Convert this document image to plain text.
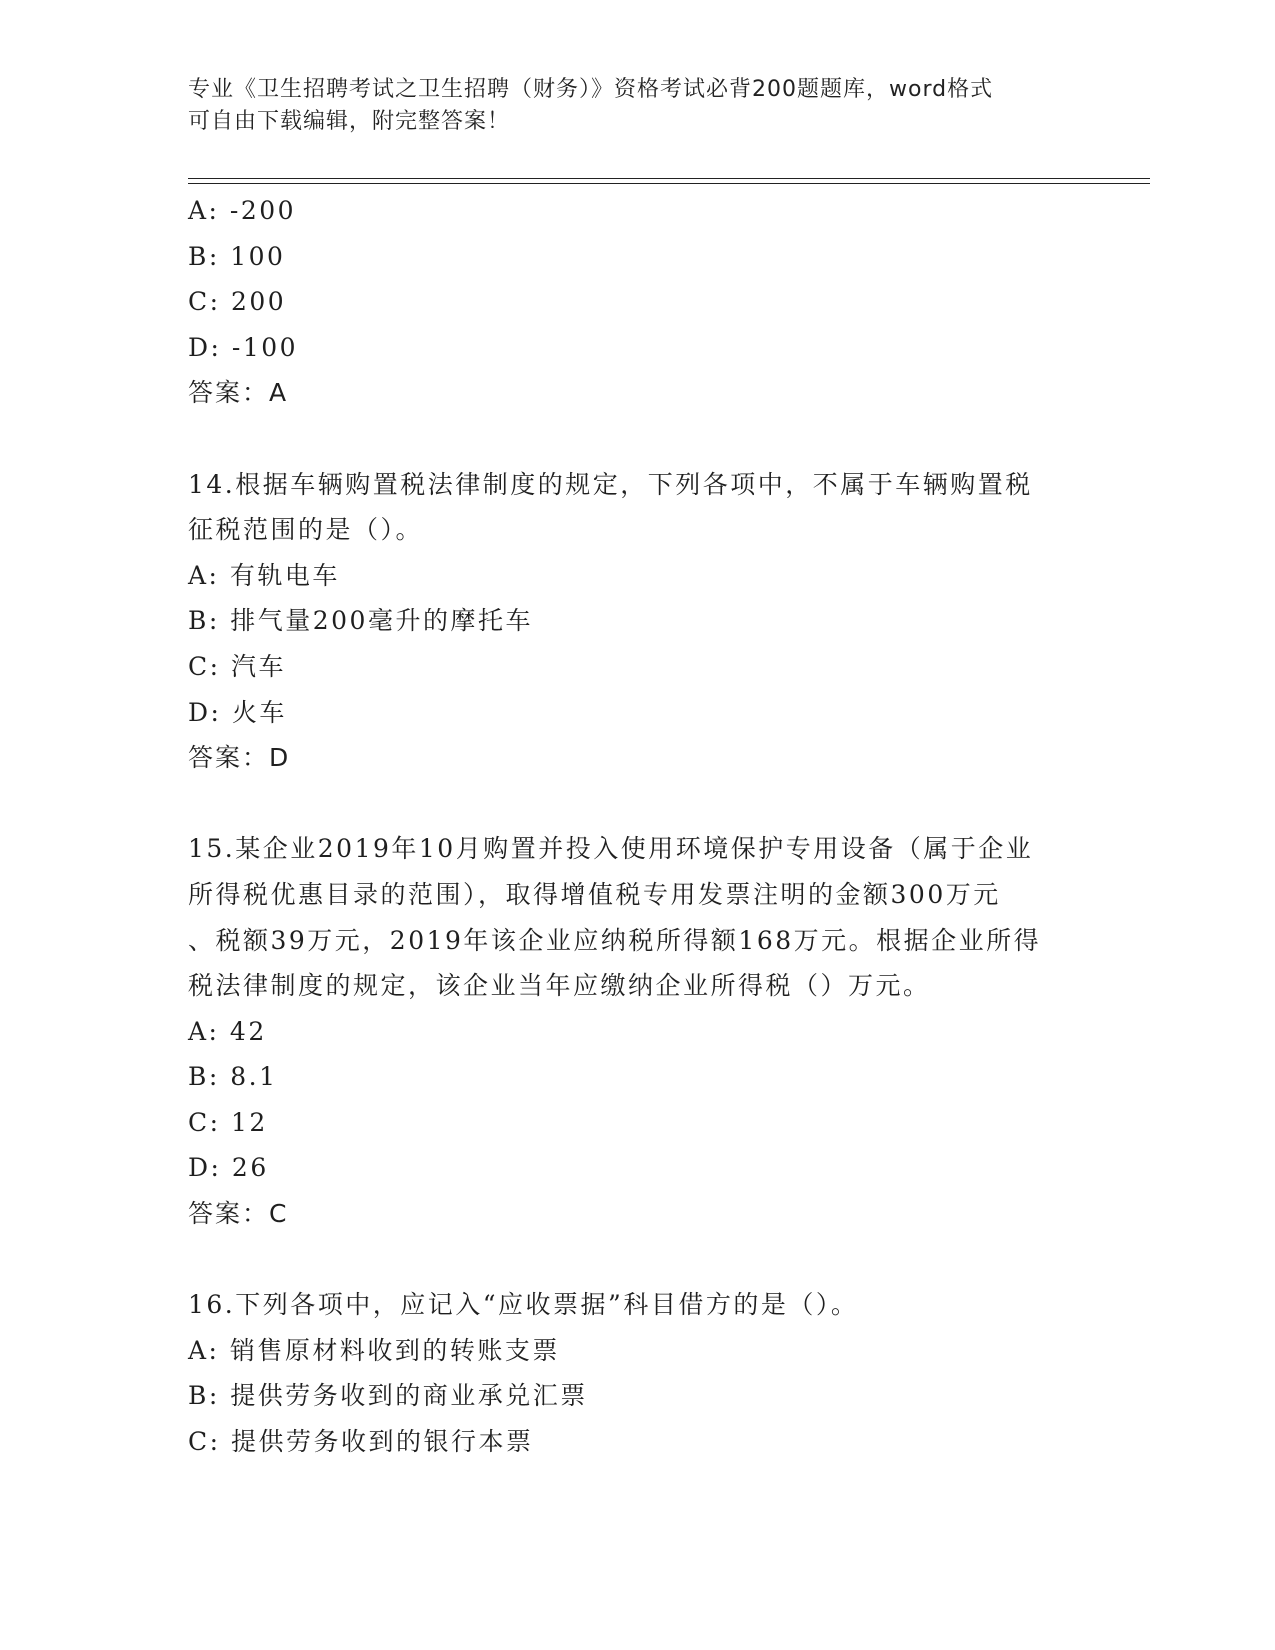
专业《卫生招聘考试之卫生招聘（财务）》资格考试必背200题题库，word格式
可自由下载编辑，附完整答案！
A: -200
B: 100
C: 200
D: -100
答案：A
14.根据车辆购置税法律制度的规定，下列各项中，不属于车辆购置税
征税范围的是（）。
A: 有轨电车
B: 排气量200毫升的摩托车
C: 汽车
D: 火车
答案：D
15.某企业2019年10月购置并投入使用环境保护专用设备（属于企业
所得税优惠目录的范围），取得增值税专用发票注明的金额300万元
、税额39万元，2019年该企业应纳税所得额168万元。根据企业所得
税法律制度的规定，该企业当年应缴纳企业所得税（）万元。
A: 42
B: 8.1
C: 12
D: 26
答案：C
16.下列各项中，应记入“应收票据”科目借方的是（）。
A: 销售原材料收到的转账支票
B: 提供劳务收到的商业承兑汇票
C: 提供劳务收到的银行本票
